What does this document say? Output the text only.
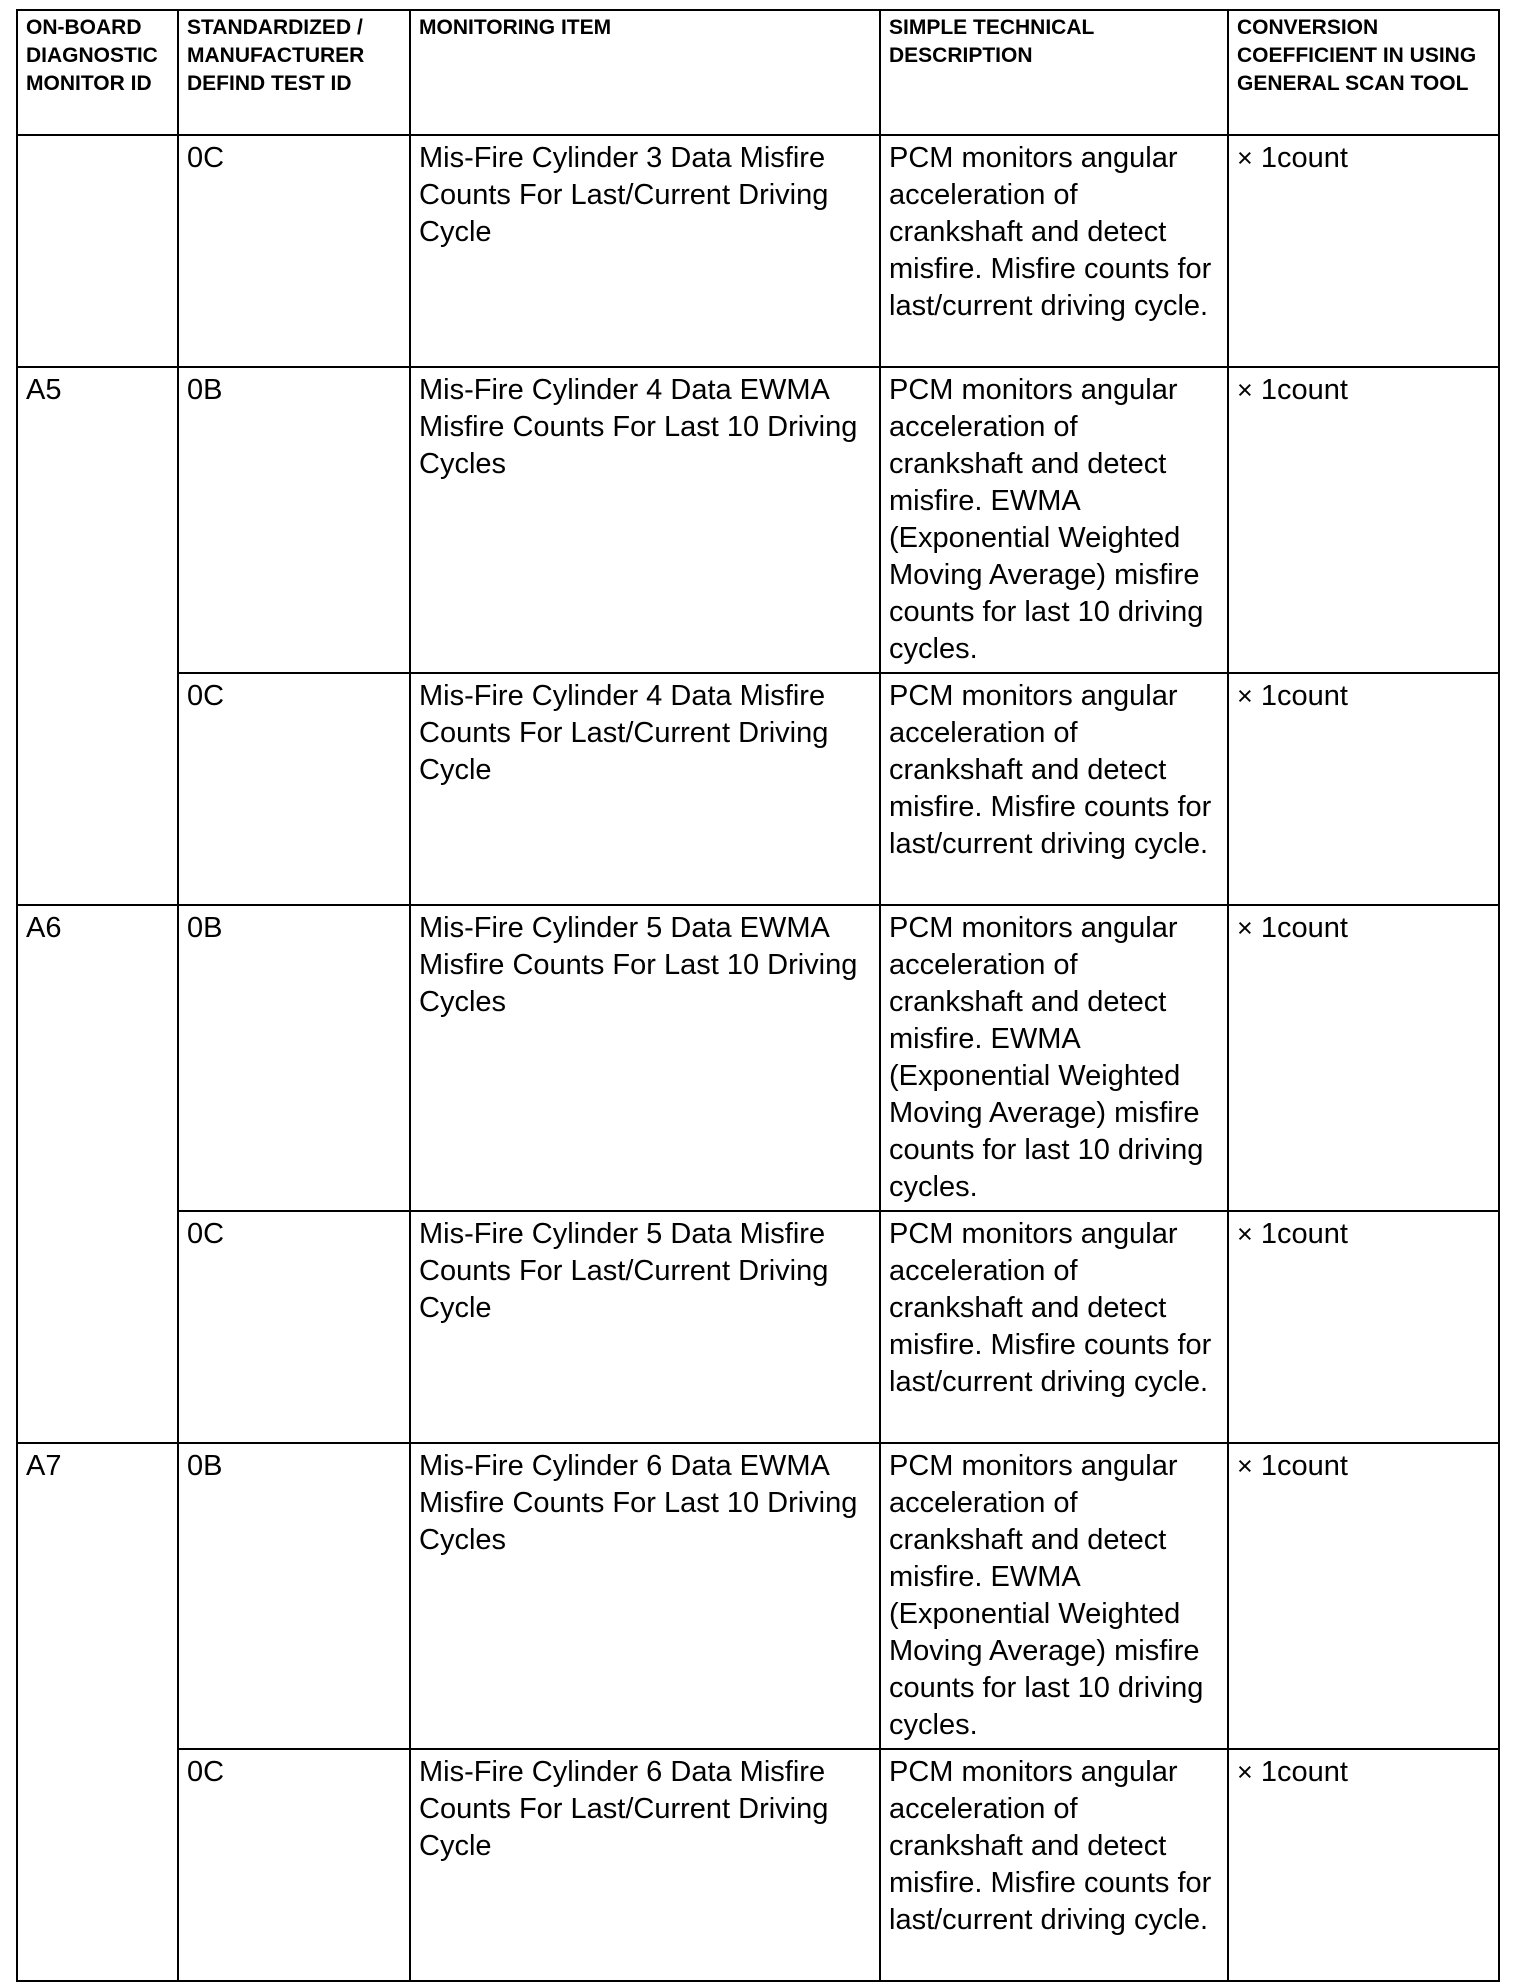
ON-BOARD DIAGNOSTIC MONITOR ID	STANDARDIZED / MANUFACTURER DEFIND TEST ID	MONITORING ITEM	SIMPLE TECHNICAL DESCRIPTION	CONVERSION COEFFICIENT IN USING GENERAL SCAN TOOL
	0C	Mis-Fire Cylinder 3 Data Misfire Counts For Last/Current Driving Cycle	PCM monitors angular acceleration of crankshaft and detect misfire. Misfire counts for last/current driving cycle.	× 1count
A5	0B	Mis-Fire Cylinder 4 Data EWMA Misfire Counts For Last 10 Driving Cycles	PCM monitors angular acceleration of crankshaft and detect misfire. EWMA (Exponential Weighted Moving Average) misfire counts for last 10 driving cycles.	× 1count
	0C	Mis-Fire Cylinder 4 Data Misfire Counts For Last/Current Driving Cycle	PCM monitors angular acceleration of crankshaft and detect misfire. Misfire counts for last/current driving cycle.	× 1count
A6	0B	Mis-Fire Cylinder 5 Data EWMA Misfire Counts For Last 10 Driving Cycles	PCM monitors angular acceleration of crankshaft and detect misfire. EWMA (Exponential Weighted Moving Average) misfire counts for last 10 driving cycles.	× 1count
	0C	Mis-Fire Cylinder 5 Data Misfire Counts For Last/Current Driving Cycle	PCM monitors angular acceleration of crankshaft and detect misfire. Misfire counts for last/current driving cycle.	× 1count
A7	0B	Mis-Fire Cylinder 6 Data EWMA Misfire Counts For Last 10 Driving Cycles	PCM monitors angular acceleration of crankshaft and detect misfire. EWMA (Exponential Weighted Moving Average) misfire counts for last 10 driving cycles.	× 1count
	0C	Mis-Fire Cylinder 6 Data Misfire Counts For Last/Current Driving Cycle	PCM monitors angular acceleration of crankshaft and detect misfire. Misfire counts for last/current driving cycle.	× 1count
